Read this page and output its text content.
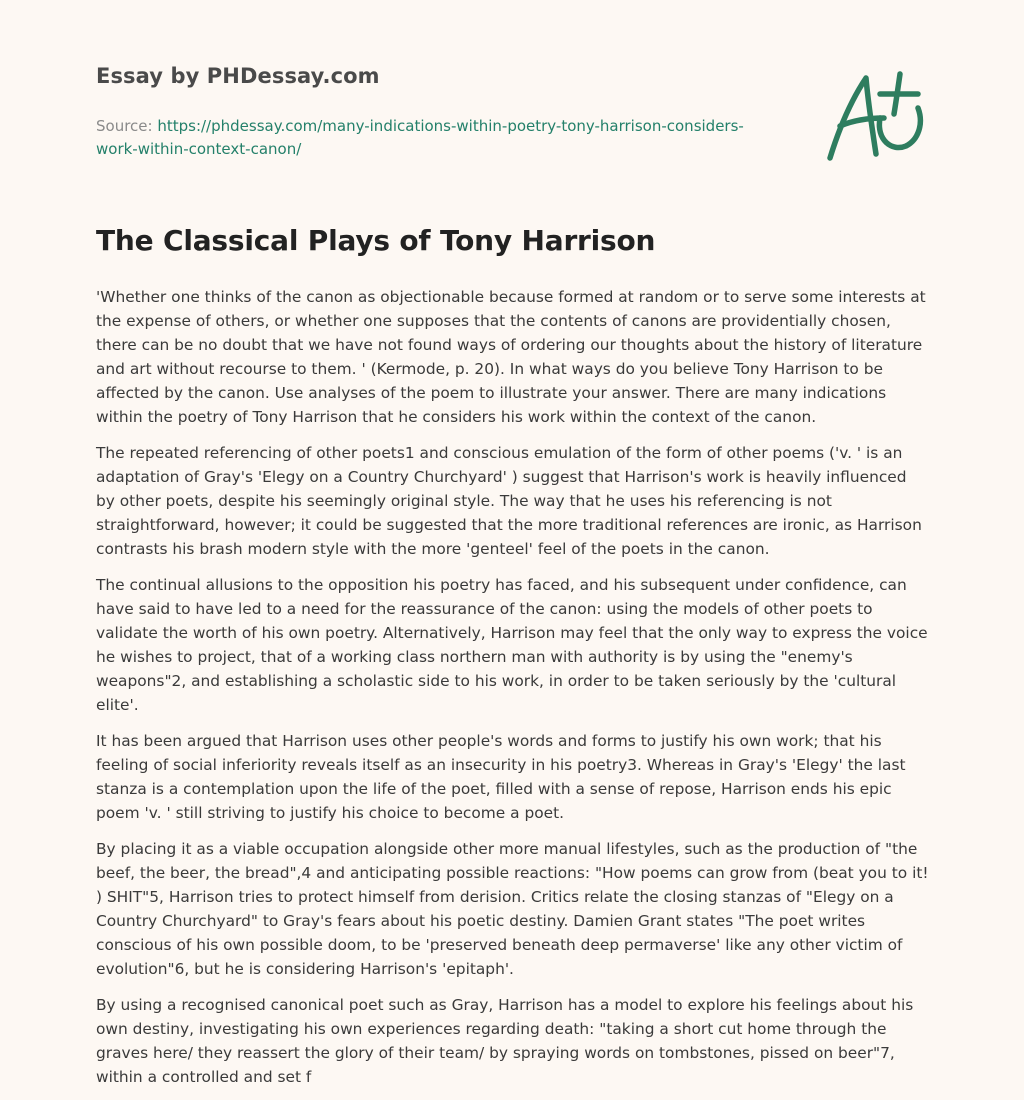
Essay by PHDessay.com
Source: https://phdessay.com/many-indications-within-poetry-tony-harrison-considers-work-within-context-canon/
The Classical Plays of Tony Harrison

'Whether one thinks of the canon as objectionable because formed at random or to serve some interests at the expense of others, or whether one supposes that the contents of canons are providentially chosen, there can be no doubt that we have not found ways of ordering our thoughts about the history of literature and art without recourse to them. ' (Kermode, p. 20). In what ways do you believe Tony Harrison to be affected by the canon. Use analyses of the poem to illustrate your answer. There are many indications within the poetry of Tony Harrison that he considers his work within the context of the canon.

The repeated referencing of other poets1 and conscious emulation of the form of other poems ('v. ' is an adaptation of Gray's 'Elegy on a Country Churchyard' ) suggest that Harrison's work is heavily influenced by other poets, despite his seemingly original style. The way that he uses his referencing is not straightforward, however; it could be suggested that the more traditional references are ironic, as Harrison contrasts his brash modern style with the more 'genteel' feel of the poets in the canon.

The continual allusions to the opposition his poetry has faced, and his subsequent under confidence, can have said to have led to a need for the reassurance of the canon: using the models of other poets to validate the worth of his own poetry. Alternatively, Harrison may feel that the only way to express the voice he wishes to project, that of a working class northern man with authority is by using the "enemy's weapons"2, and establishing a scholastic side to his work, in order to be taken seriously by the 'cultural elite'.

It has been argued that Harrison uses other people's words and forms to justify his own work; that his feeling of social inferiority reveals itself as an insecurity in his poetry3. Whereas in Gray's 'Elegy' the last stanza is a contemplation upon the life of the poet, filled with a sense of repose, Harrison ends his epic poem 'v. ' still striving to justify his choice to become a poet.

By placing it as a viable occupation alongside other more manual lifestyles, such as the production of "the beef, the beer, the bread",4 and anticipating possible reactions: "How poems can grow from (beat you to it! ) SHIT"5, Harrison tries to protect himself from derision. Critics relate the closing stanzas of "Elegy on a Country Churchyard" to Gray's fears about his poetic destiny. Damien Grant states "The poet writes conscious of his own possible doom, to be 'preserved beneath deep permaverse' like any other victim of evolution"6, but he is considering Harrison's 'epitaph'.

By using a recognised canonical poet such as Gray, Harrison has a model to explore his feelings about his own destiny, investigating his own experiences regarding death: "taking a short cut home through the graves here/ they reassert the glory of their team/ by spraying words on tombstones, pissed on beer"7, within a controlled and set f
